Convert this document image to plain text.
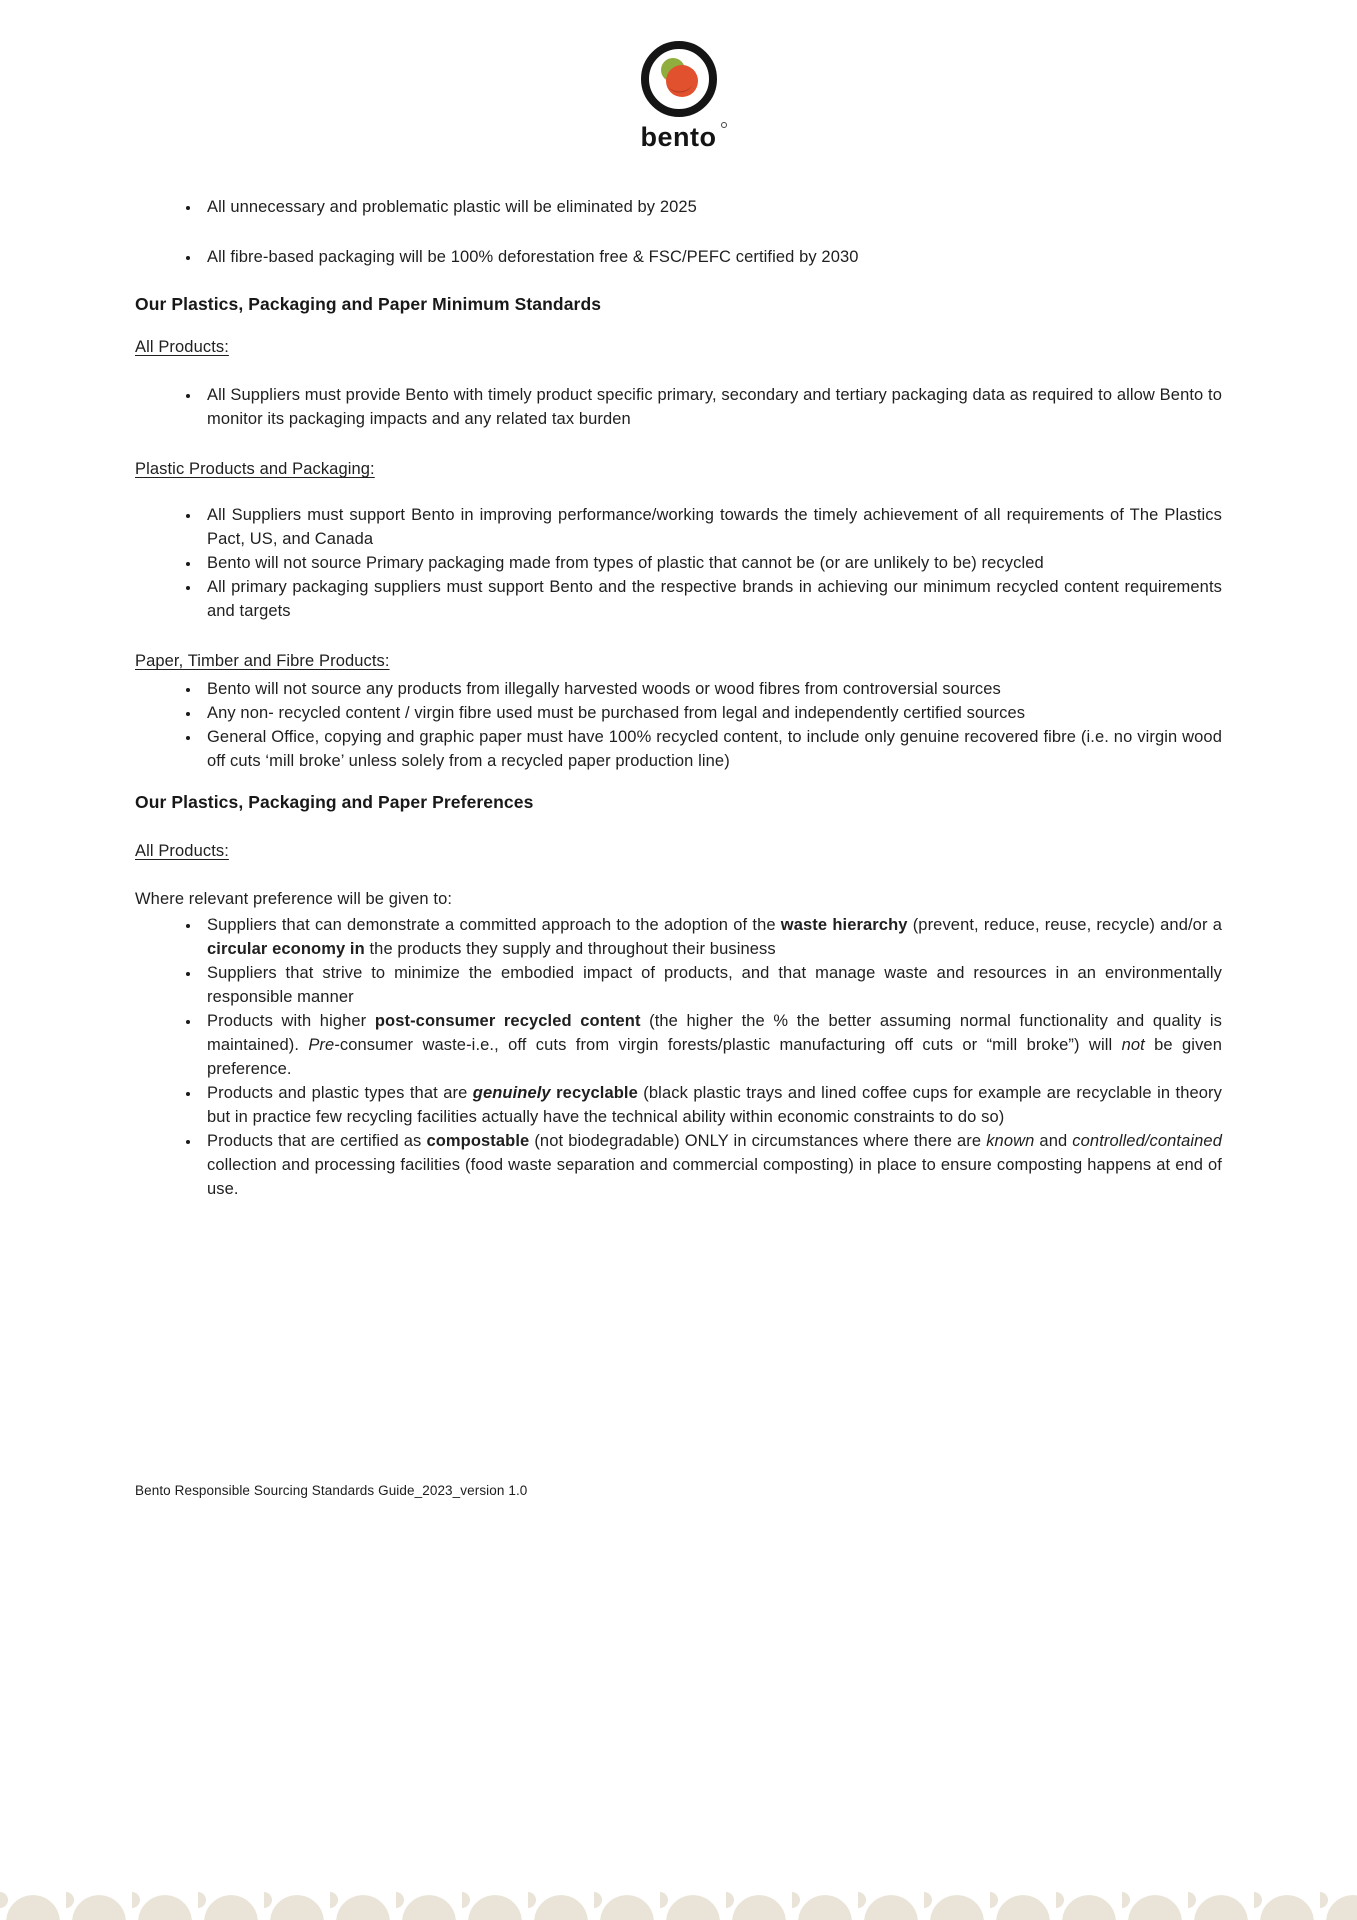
bento
• All unnecessary and problematic plastic will be eliminated by 2025
• All fibre-based packaging will be 100% deforestation free & FSC/PEFC certified by 2030
Our Plastics, Packaging and Paper Minimum Standards
All Products:
• All Suppliers must provide Bento with timely product specific primary, secondary and tertiary packaging data as required to allow Bento to monitor its packaging impacts and any related tax burden
Plastic Products and Packaging:
• All Suppliers must support Bento in improving performance/working towards the timely achievement of all requirements of The Plastics Pact, US, and Canada
• Bento will not source Primary packaging made from types of plastic that cannot be (or are unlikely to be) recycled
• All primary packaging suppliers must support Bento and the respective brands in achieving our minimum recycled content requirements and targets
Paper, Timber and Fibre Products:
• Bento will not source any products from illegally harvested woods or wood fibres from controversial sources
• Any non- recycled content / virgin fibre used must be purchased from legal and independently certified sources
• General Office, copying and graphic paper must have 100% recycled content, to include only genuine recovered fibre (i.e. no virgin wood off cuts ‘mill broke’ unless solely from a recycled paper production line)
Our Plastics, Packaging and Paper Preferences
All Products:
Where relevant preference will be given to:
• Suppliers that can demonstrate a committed approach to the adoption of the waste hierarchy (prevent, reduce, reuse, recycle) and/or a circular economy in the products they supply and throughout their business
• Suppliers that strive to minimize the embodied impact of products, and that manage waste and resources in an environmentally responsible manner
• Products with higher post-consumer recycled content (the higher the % the better assuming normal functionality and quality is maintained). Pre-consumer waste-i.e., off cuts from virgin forests/plastic manufacturing off cuts or “mill broke”) will not be given preference.
• Products and plastic types that are genuinely recyclable (black plastic trays and lined coffee cups for example are recyclable in theory but in practice few recycling facilities actually have the technical ability within economic constraints to do so)
• Products that are certified as compostable (not biodegradable) ONLY in circumstances where there are known and controlled/contained collection and processing facilities (food waste separation and commercial composting) in place to ensure composting happens at end of use.
Bento Responsible Sourcing Standards Guide_2023_version 1.0
